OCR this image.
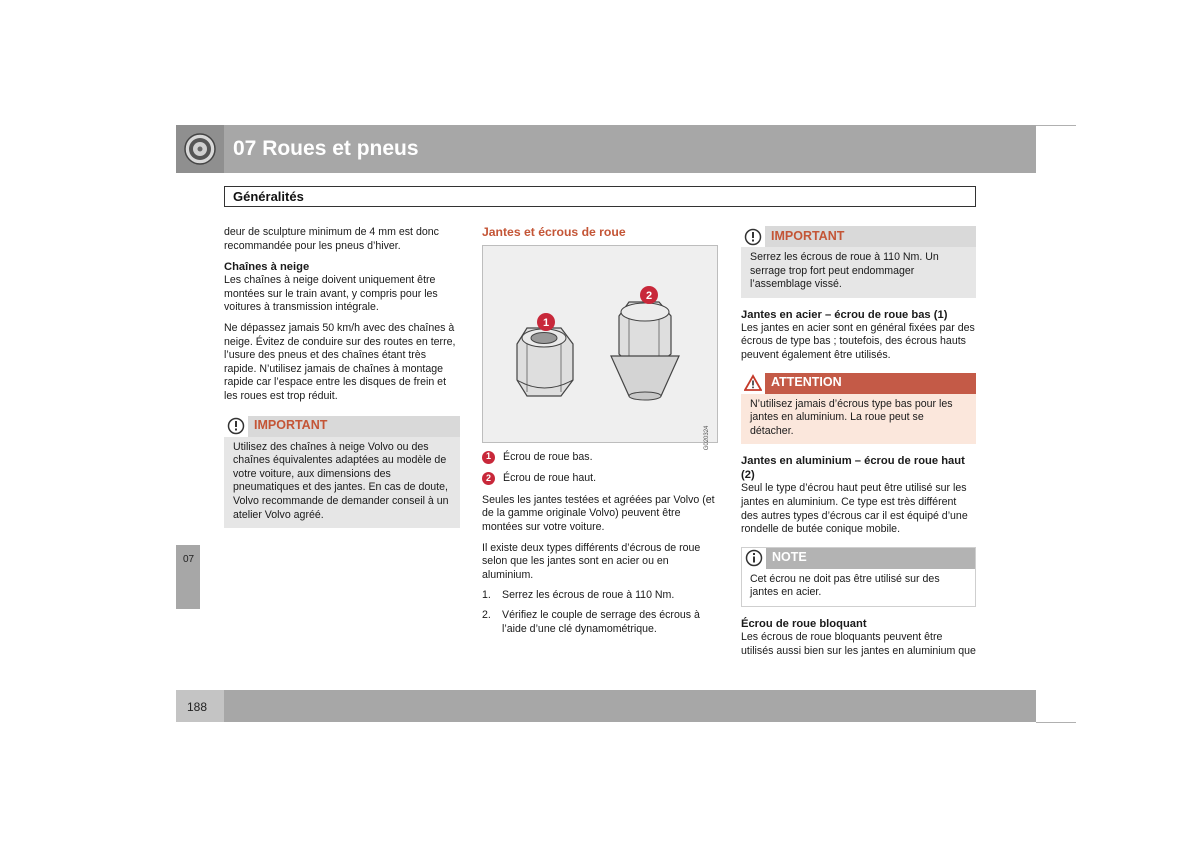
07 Roues et pneus
Généralités
07

deur de sculpture minimum de 4 mm est donc recommandée pour les pneus d’hiver.

Chaînes à neige

Les chaînes à neige doivent uniquement être montées sur le train avant, y compris pour les voitures à transmission intégrale.

Ne dépassez jamais 50 km/h avec des chaînes à neige. Évitez de conduire sur des routes en terre, l’usure des pneus et des chaînes étant très rapide. N’utilisez jamais de chaînes à montage rapide car l’espace entre les disques de frein et les roues est trop réduit.

IMPORTANT
Utilisez des chaînes à neige Volvo ou des chaînes équivalentes adaptées au modèle de votre voiture, aux dimensions des pneumatiques et des jantes. En cas de doute, Volvo recommande de demander conseil à un atelier Volvo agréé.
Jantes et écrous de roue
1
2
G020324
1	Écrou de roue bas.
2	Écrou de roue haut.

Seules les jantes testées et agréées par Volvo (et de la gamme originale Volvo) peuvent être montées sur votre voiture.

Il existe deux types différents d’écrous de roue selon que les jantes sont en acier ou en aluminium.

1.	Serrez les écrous de roue à 110 Nm.
2.	Vérifiez le couple de serrage des écrous à l’aide d’une clé dynamométrique.
IMPORTANT
Serrez les écrous de roue à 110 Nm. Un serrage trop fort peut endommager l’assemblage vissé.
Jantes en acier – écrou de roue bas (1)

Les jantes en acier sont en général fixées par des écrous de type bas ; toutefois, des écrous hauts peuvent également être utilisés.

ATTENTION
N’utilisez jamais d’écrous type bas pour les jantes en aluminium. La roue peut se détacher.
Jantes en aluminium – écrou de roue haut (2)

Seul le type d’écrou haut peut être utilisé sur les jantes en aluminium. Ce type est très différent des autres types d’écrous car il est équipé d’une rondelle de butée conique mobile.

NOTE
Cet écrou ne doit pas être utilisé sur des jantes en acier.
Écrou de roue bloquant

Les écrous de roue bloquants peuvent être utilisés aussi bien sur les jantes en aluminium que

188
